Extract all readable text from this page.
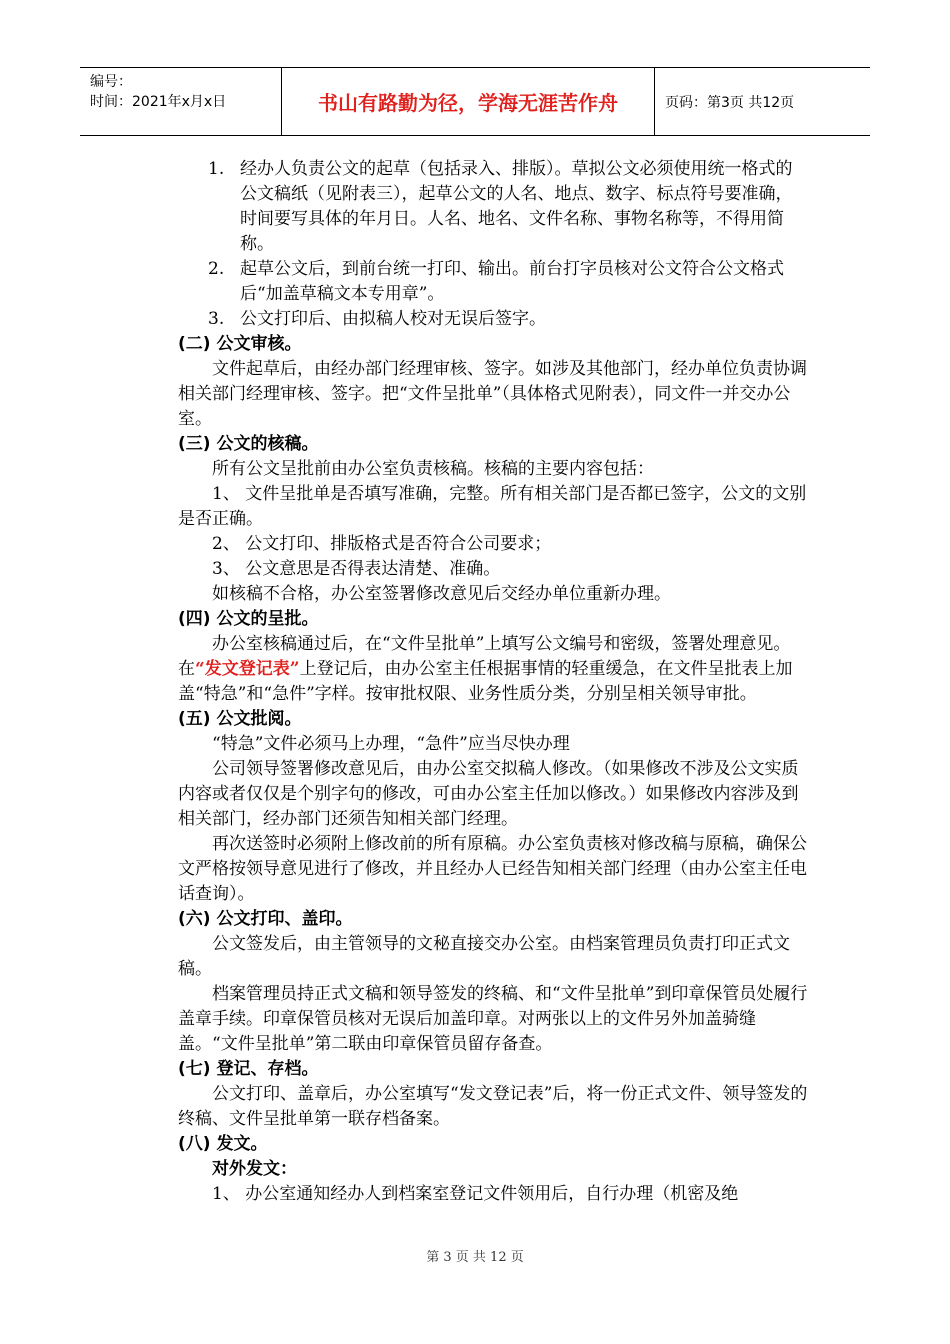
编号：
时间：2021年x月x日	书山有路勤为径，学海无涯苦作舟	页码：第3页 共12页

1. 经办人负责公文的起草（包括录入、排版）。草拟公文必须使用统一格式的公文稿纸（见附表三），起草公文的人名、地点、数字、标点符号要准确，时间要写具体的年月日。人名、地名、文件名称、事物名称等，不得用简称。

2. 起草公文后，到前台统一打印、输出。前台打字员核对公文符合公文格式后“加盖草稿文本专用章”。

3. 公文打印后、由拟稿人校对无误后签字。

(二) 公文审核。

文件起草后，由经办部门经理审核、签字。如涉及其他部门，经办单位负责协调相关部门经理审核、签字。把“文件呈批单”（具体格式见附表），同文件一并交办公室。

(三) 公文的核稿。

所有公文呈批前由办公室负责核稿。核稿的主要内容包括：

1、 文件呈批单是否填写准确，完整。所有相关部门是否都已签字，公文的文别是否正确。

2、 公文打印、排版格式是否符合公司要求；

3、 公文意思是否得表达清楚、准确。

如核稿不合格，办公室签署修改意见后交经办单位重新办理。

(四) 公文的呈批。

办公室核稿通过后，在“文件呈批单”上填写公文编号和密级，签署处理意见。在“发文登记表”上登记后，由办公室主任根据事情的轻重缓急，在文件呈批表上加盖“特急”和“急件”字样。按审批权限、业务性质分类，分别呈相关领导审批。

(五) 公文批阅。

“特急”文件必须马上办理，“急件”应当尽快办理

公司领导签署修改意见后，由办公室交拟稿人修改。（如果修改不涉及公文实质内容或者仅仅是个别字句的修改，可由办公室主任加以修改。）如果修改内容涉及到相关部门，经办部门还须告知相关部门经理。

再次送签时必须附上修改前的所有原稿。办公室负责核对修改稿与原稿，确保公文严格按领导意见进行了修改，并且经办人已经告知相关部门经理（由办公室主任电话查询）。

(六) 公文打印、盖印。

公文签发后，由主管领导的文秘直接交办公室。由档案管理员负责打印正式文稿。

档案管理员持正式文稿和领导签发的终稿、和“文件呈批单”到印章保管员处履行盖章手续。印章保管员核对无误后加盖印章。对两张以上的文件另外加盖骑缝盖。“文件呈批单”第二联由印章保管员留存备查。

(七) 登记、存档。

公文打印、盖章后，办公室填写“发文登记表”后，将一份正式文件、领导签发的终稿、文件呈批单第一联存档备案。

(八) 发文。

对外发文：

1、 办公室通知经办人到档案室登记文件领用后，自行办理（机密及绝

第 3 页 共 12 页
